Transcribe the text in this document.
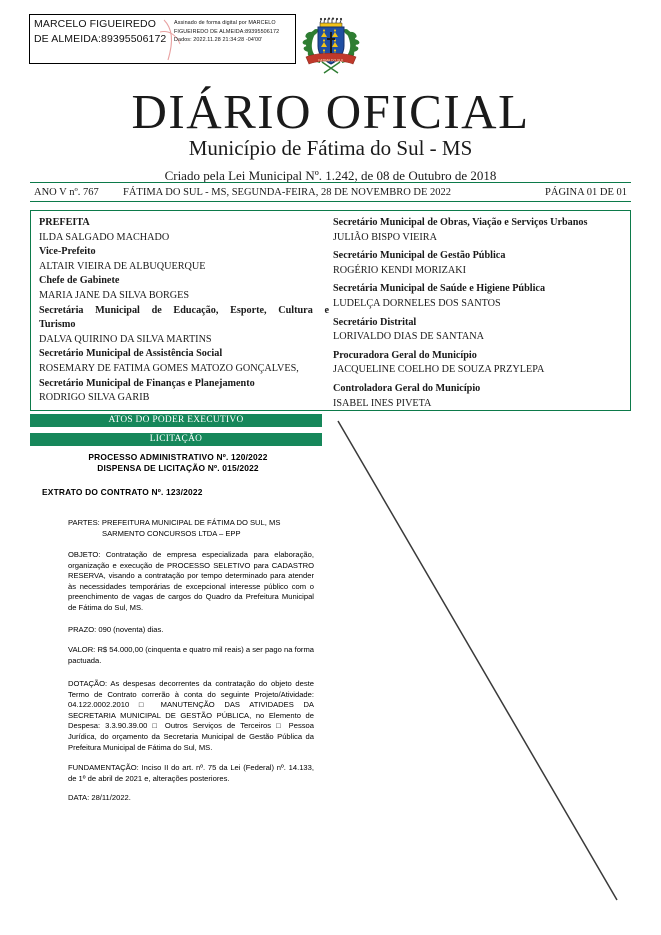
MARCELO FIGUEIREDO DE ALMEIDA:89395506172
Assinado de forma digital por MARCELO FIGUEIREDO DE ALMEIDA:89395506172 Dados: 2022.11.28 21:34:28 -04'00'
FATIMA DO SUL
DIÁRIO OFICIAL
Município de Fátima do Sul - MS
Criado pela Lei Municipal Nº. 1.242, de 08 de Outubro de 2018
ANO V nº. 767 FÁTIMA DO SUL - MS, SEGUNDA-FEIRA, 28 DE NOVEMBRO DE 2022	PÁGINA 01 DE 01
PREFEITA
ILDA SALGADO MACHADO
Vice-Prefeito
ALTAIR VIEIRA DE ALBUQUERQUE
Chefe de Gabinete
MARIA JANE DA SILVA BORGES
Secretária Municipal de Educação, Esporte, Cultura e
Turismo
DALVA QUIRINO DA SILVA MARTINS
Secretário Municipal de Assistência Social
ROSEMARY DE FATIMA GOMES MATOZO GONÇALVES,
Secretário Municipal de Finanças e Planejamento
RODRIGO SILVA GARIB
Secretário Municipal de Obras, Viação e Serviços Urbanos
JULIÃO BISPO VIEIRA
Secretário Municipal de Gestão Pública
ROGÉRIO KENDI MORIZAKI
Secretária Municipal de Saúde e Higiene Pública
LUDELÇA DORNELES DOS SANTOS
Secretário Distrital
LORIVALDO DIAS DE SANTANA
Procuradora Geral do Município
JACQUELINE COELHO DE SOUZA PRZYLEPA
Controladora Geral do Município
ISABEL INES PIVETA
ATOS DO PODER EXECUTIVO
LICITAÇÃO
PROCESSO ADMINISTRATIVO Nº. 120/2022
DISPENSA DE LICITAÇÃO Nº. 015/2022
EXTRATO DO CONTRATO Nº. 123/2022
PARTES: PREFEITURA MUNICIPAL DE FÁTIMA DO SUL, MS
SARMENTO CONCURSOS LTDA – EPP
OBJETO: Contratação de empresa especializada para elaboração, organização e execução de PROCESSO SELETIVO para CADASTRO RESERVA, visando a contratação por tempo determinado para atender às necessidades temporárias de excepcional interesse público com o preenchimento de vagas de cargos do Quadro da Prefeitura Municipal de Fátima do Sul, MS.
PRAZO: 090 (noventa) dias.
VALOR: R$ 54.000,00 (cinquenta e quatro mil reais) a ser pago na forma pactuada.
DOTAÇÃO: As despesas decorrentes da contratação do objeto deste Termo de Contrato correrão à conta do seguinte Projeto/Atividade: 04.122.0002.2010 □ MANUTENÇÃO DAS ATIVIDADES DA SECRETARIA MUNICIPAL DE GESTÃO PÚBLICA, no Elemento de Despesa: 3.3.90.39.00 □ Outros Serviços de Terceiros □ Pessoa Jurídica, do orçamento da Secretaria Municipal de Gestão Pública da Prefeitura Municipal de Fátima do Sul, MS.
FUNDAMENTAÇÃO: Inciso II do art. nº. 75 da Lei (Federal) nº. 14.133, de 1º de abril de 2021 e, alterações posteriores.
DATA: 28/11/2022.
